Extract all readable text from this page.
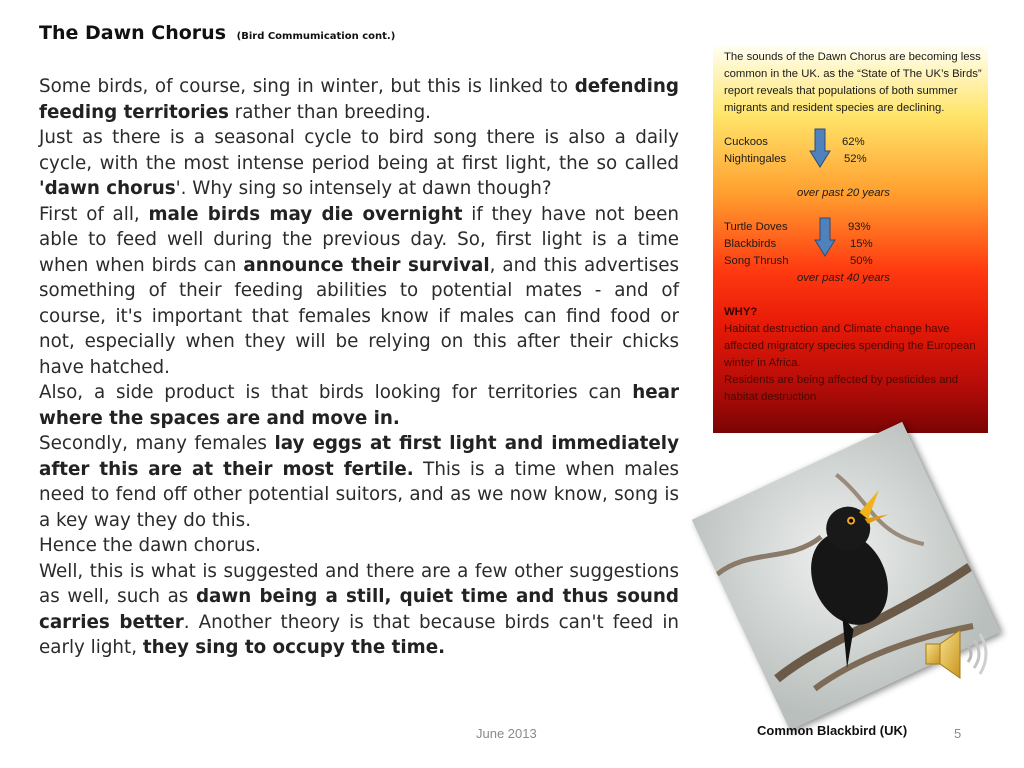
The Dawn Chorus (Bird Commumication cont.)

Some birds, of course, sing in winter, but this is linked to defending feeding territories rather than breeding.

Just as there is a seasonal cycle to bird song there is also a daily cycle, with the most intense period being at first light, the so called 'dawn chorus'. Why sing so intensely at dawn though?

First of all, male birds may die overnight if they have not been able to feed well during the previous day. So, first light is a time when when birds can announce their survival, and this advertises something of their feeding abilities to potential mates - and of course, it's important that females know if males can find food or not, especially when they will be relying on this after their chicks have hatched.

Also, a side product is that birds looking for territories can hear where the spaces are and move in.

Secondly, many females lay eggs at first light and immediately after this are at their most fertile. This is a time when males need to fend off other potential suitors, and as we now know, song is a key way they do this.

Hence the dawn chorus.

Well, this is what is suggested and there are a few other suggestions as well, such as dawn being a still, quiet time and thus sound carries better. Another theory is that because birds can't feed in early light, they sing to occupy the time.

The sounds of the Dawn Chorus are becoming less common in the UK. as the “State of The UK’s Birds” report reveals that populations of both summer migrants and resident species are declining.
Cuckoos	62%
Nightingales	52%
over past 20 years
Turtle Doves	93%
Blackbirds	15%
Song Thrush	50%
over past 40 years
WHY?
Habitat destruction and Climate change have affected migratory species spending the European winter in Africa.
Residents are being affected by pesticides and habitat destruction
Common Blackbird (UK)
June 2013	5
